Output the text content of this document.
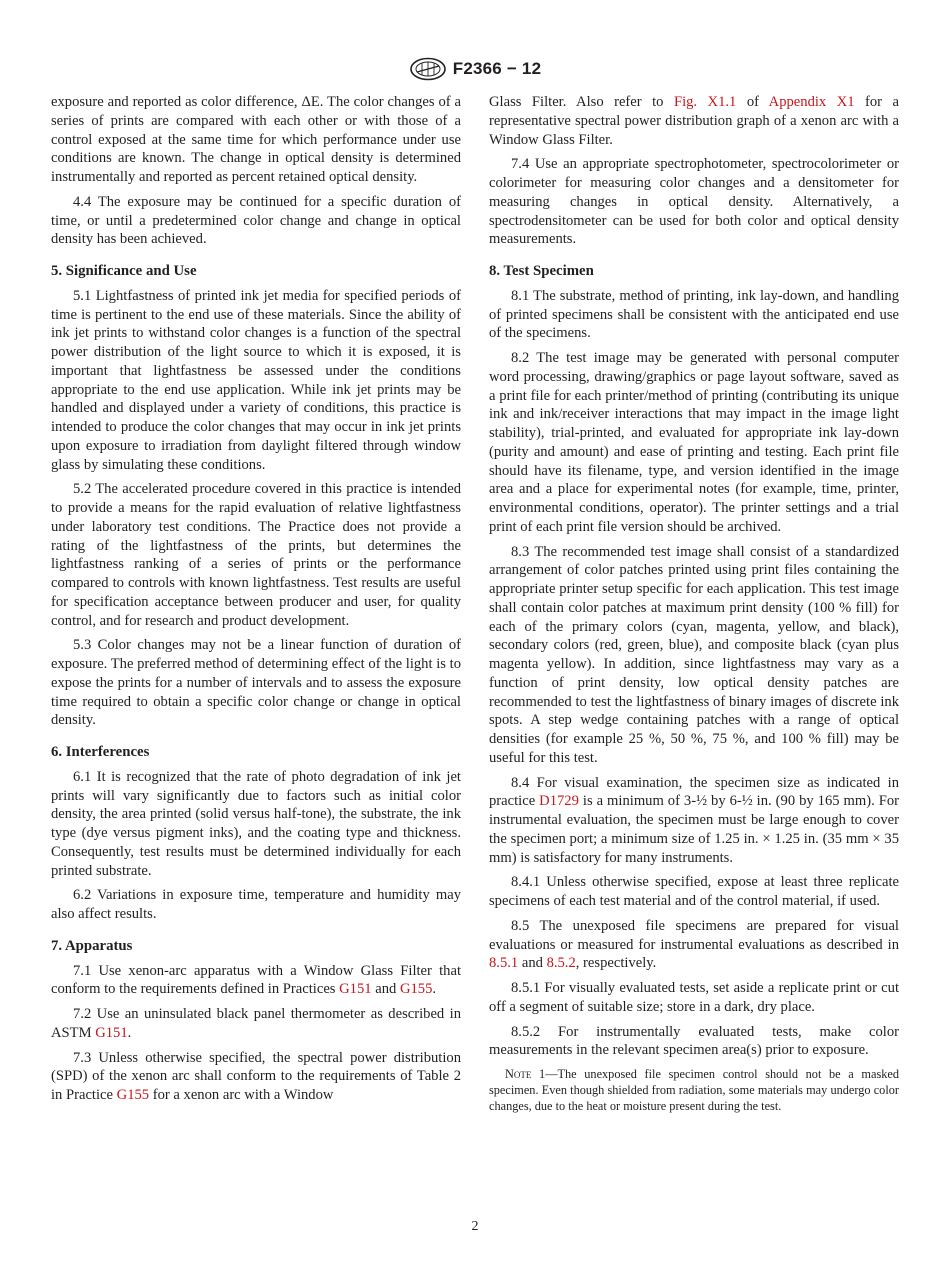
F2366 − 12

exposure and reported as color difference, ΔE. The color changes of a series of prints are compared with each other or with those of a control exposed at the same time for which performance under use conditions are known. The change in optical density is determined instrumentally and reported as percent retained optical density.

4.4 The exposure may be continued for a specific duration of time, or until a predetermined color change and change in optical density has been achieved.

5. Significance and Use

5.1 Lightfastness of printed ink jet media for specified periods of time is pertinent to the end use of these materials. Since the ability of ink jet prints to withstand color changes is a function of the spectral power distribution of the light source to which it is exposed, it is important that lightfastness be assessed under the conditions appropriate to the end use application. While ink jet prints may be handled and displayed under a variety of conditions, this practice is intended to produce the color changes that may occur in ink jet prints upon exposure to irradiation from daylight filtered through window glass by simulating these conditions.

5.2 The accelerated procedure covered in this practice is intended to provide a means for the rapid evaluation of relative lightfastness under laboratory test conditions. The Practice does not provide a rating of the lightfastness of the prints, but determines the lightfastness ranking of a series of prints or the performance compared to controls with known lightfastness. Test results are useful for specification acceptance between producer and user, for quality control, and for research and product development.

5.3 Color changes may not be a linear function of duration of exposure. The preferred method of determining effect of the light is to expose the prints for a number of intervals and to assess the exposure time required to obtain a specific color change or change in optical density.

6. Interferences

6.1 It is recognized that the rate of photo degradation of ink jet prints will vary significantly due to factors such as initial color density, the area printed (solid versus half-tone), the substrate, the ink type (dye versus pigment inks), and the coating type and thickness. Consequently, test results must be determined individually for each printed substrate.

6.2 Variations in exposure time, temperature and humidity may also affect results.

7. Apparatus

7.1 Use xenon-arc apparatus with a Window Glass Filter that conform to the requirements defined in Practices G151 and G155.

7.2 Use an uninsulated black panel thermometer as described in ASTM G151.

7.3 Unless otherwise specified, the spectral power distribution (SPD) of the xenon arc shall conform to the requirements of Table 2 in Practice G155 for a xenon arc with a Window

Glass Filter. Also refer to Fig. X1.1 of Appendix X1 for a representative spectral power distribution graph of a xenon arc with a Window Glass Filter.

7.4 Use an appropriate spectrophotometer, spectrocolorimeter or colorimeter for measuring color changes and a densitometer for measuring changes in optical density. Alternatively, a spectrodensitometer can be used for both color and optical density measurements.

8. Test Specimen

8.1 The substrate, method of printing, ink lay-down, and handling of printed specimens shall be consistent with the anticipated end use of the specimens.

8.2 The test image may be generated with personal computer word processing, drawing/graphics or page layout software, saved as a print file for each printer/method of printing (contributing its unique ink and ink/receiver interactions that may impact in the image light stability), trial-printed, and evaluated for appropriate ink lay-down (purity and amount) and ease of printing and testing. Each print file should have its filename, type, and version identified in the image area and a place for experimental notes (for example, time, printer, environmental conditions, operator). The printer settings and a trial print of each print file version should be archived.

8.3 The recommended test image shall consist of a standardized arrangement of color patches printed using print files containing the appropriate printer setup specific for each application. This test image shall contain color patches at maximum print density (100 % fill) for each of the primary colors (cyan, magenta, yellow, and black), secondary colors (red, green, blue), and composite black (cyan plus magenta yellow). In addition, since lightfastness may vary as a function of print density, low optical density patches are recommended to test the lightfastness of binary images of discrete ink spots. A step wedge containing patches with a range of optical densities (for example 25 %, 50 %, 75 %, and 100 % fill) may be useful for this test.

8.4 For visual examination, the specimen size as indicated in practice D1729 is a minimum of 3-½ by 6-½ in. (90 by 165 mm). For instrumental evaluation, the specimen must be large enough to cover the specimen port; a minimum size of 1.25 in. × 1.25 in. (35 mm × 35 mm) is satisfactory for many instruments.

8.4.1 Unless otherwise specified, expose at least three replicate specimens of each test material and of the control material, if used.

8.5 The unexposed file specimens are prepared for visual evaluations or measured for instrumental evaluations as described in 8.5.1 and 8.5.2, respectively.

8.5.1 For visually evaluated tests, set aside a replicate print or cut off a segment of suitable size; store in a dark, dry place.

8.5.2 For instrumentally evaluated tests, make color measurements in the relevant specimen area(s) prior to exposure.

Note 1—The unexposed file specimen control should not be a masked specimen. Even though shielded from radiation, some materials may undergo color changes, due to the heat or moisture present during the test.

2
